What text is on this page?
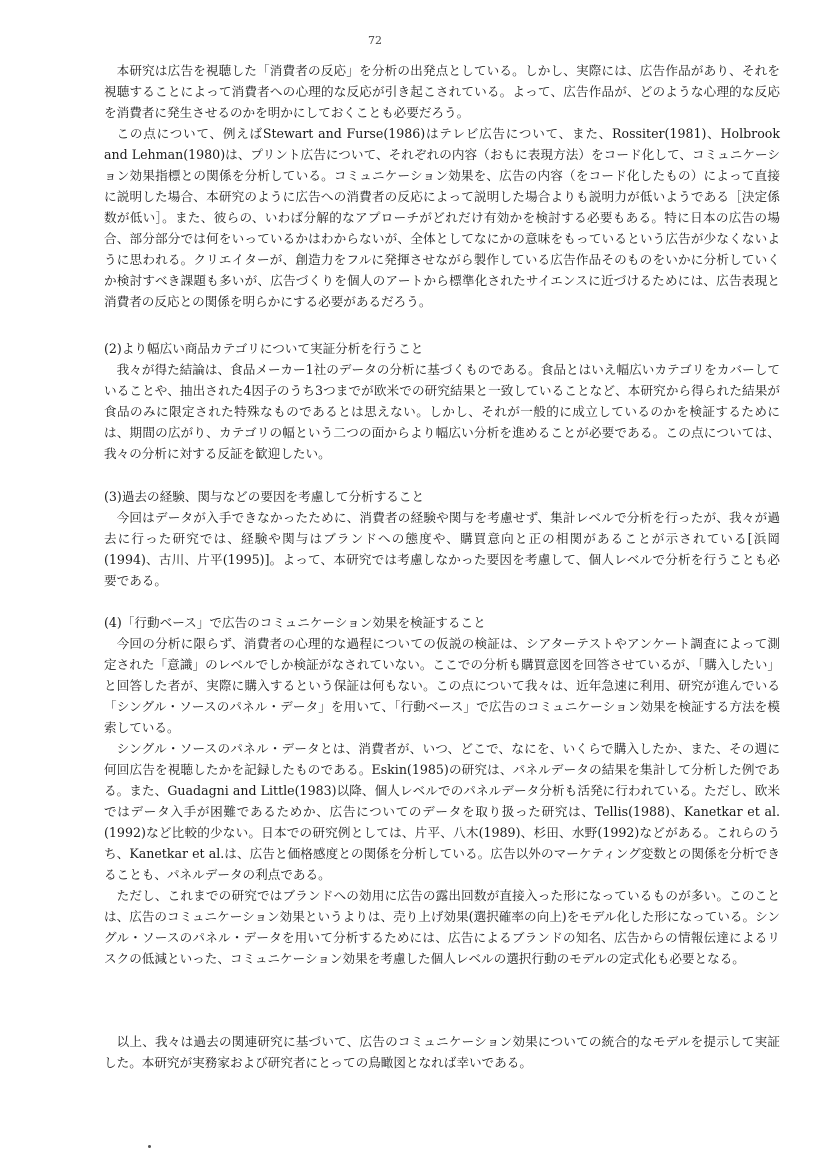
72

本研究は広告を視聴した「消費者の反応」を分析の出発点としている。しかし、実際には、広告作品があり、それを視聴することによって消費者への心理的な反応が引き起こされている。よって、広告作品が、どのような心理的な反応を消費者に発生させるのかを明かにしておくことも必要だろう。

この点について、例えばStewart and Furse(1986)はテレビ広告について、また、Rossiter(1981)、Holbrook and Lehman(1980)は、プリント広告について、それぞれの内容（おもに表現方法）をコード化して、コミュニケーション効果指標との関係を分析している。コミュニケーション効果を、広告の内容（をコード化したもの）によって直接に説明した場合、本研究のように広告への消費者の反応によって説明した場合よりも説明力が低いようである［決定係数が低い］。また、彼らの、いわば分解的なアプローチがどれだけ有効かを検討する必要もある。特に日本の広告の場合、部分部分では何をいっているかはわからないが、全体としてなにかの意味をもっているという広告が少なくないように思われる。クリエイターが、創造力をフルに発揮させながら製作している広告作品そのものをいかに分析していくか検討すべき課題も多いが、広告づくりを個人のアートから標準化されたサイエンスに近づけるためには、広告表現と消費者の反応との関係を明らかにする必要があるだろう。

(2)より幅広い商品カテゴリについて実証分析を行うこと

我々が得た結論は、食品メーカー1社のデータの分析に基づくものである。食品とはいえ幅広いカテゴリをカバーしていることや、抽出された4因子のうち3つまでが欧米での研究結果と一致していることなど、本研究から得られた結果が食品のみに限定された特殊なものであるとは思えない。しかし、それが一般的に成立しているのかを検証するためには、期間の広がり、カテゴリの幅という二つの面からより幅広い分析を進めることが必要である。この点については、我々の分析に対する反証を歓迎したい。

(3)過去の経験、関与などの要因を考慮して分析すること

今回はデータが入手できなかったために、消費者の経験や関与を考慮せず、集計レベルで分析を行ったが、我々が過去に行った研究では、経験や関与はブランドへの態度や、購買意向と正の相関があることが示されている[浜岡(1994)、古川、片平(1995)]。よって、本研究では考慮しなかった要因を考慮して、個人レベルで分析を行うことも必要である。

(4)「行動ベース」で広告のコミュニケーション効果を検証すること

今回の分析に限らず、消費者の心理的な過程についての仮説の検証は、シアターテストやアンケート調査によって測定された「意識」のレベルでしか検証がなされていない。ここでの分析も購買意図を回答させているが、「購入したい」と回答した者が、実際に購入するという保証は何もない。この点について我々は、近年急速に利用、研究が進んでいる「シングル・ソースのパネル・データ」を用いて、「行動ベース」で広告のコミュニケーション効果を検証する方法を模索している。

シングル・ソースのパネル・データとは、消費者が、いつ、どこで、なにを、いくらで購入したか、また、その週に何回広告を視聴したかを記録したものである。Eskin(1985)の研究は、パネルデータの結果を集計して分析した例である。また、Guadagni and Little(1983)以降、個人レベルでのパネルデータ分析も活発に行われている。ただし、欧米ではデータ入手が困難であるためか、広告についてのデータを取り扱った研究は、Tellis(1988)、Kanetkar et al.(1992)など比較的少ない。日本での研究例としては、片平、八木(1989)、杉田、水野(1992)などがある。これらのうち、Kanetkar et al.は、広告と価格感度との関係を分析している。広告以外のマーケティング変数との関係を分析できることも、パネルデータの利点である。

ただし、これまでの研究ではブランドへの効用に広告の露出回数が直接入った形になっているものが多い。このことは、広告のコミュニケーション効果というよりは、売り上げ効果(選択確率の向上)をモデル化した形になっている。シングル・ソースのパネル・データを用いて分析するためには、広告によるブランドの知名、広告からの情報伝達によるリスクの低減といった、コミュニケーション効果を考慮した個人レベルの選択行動のモデルの定式化も必要となる。

以上、我々は過去の関連研究に基づいて、広告のコミュニケーション効果についての統合的なモデルを提示して実証した。本研究が実務家および研究者にとっての鳥瞰図となれば幸いである。
